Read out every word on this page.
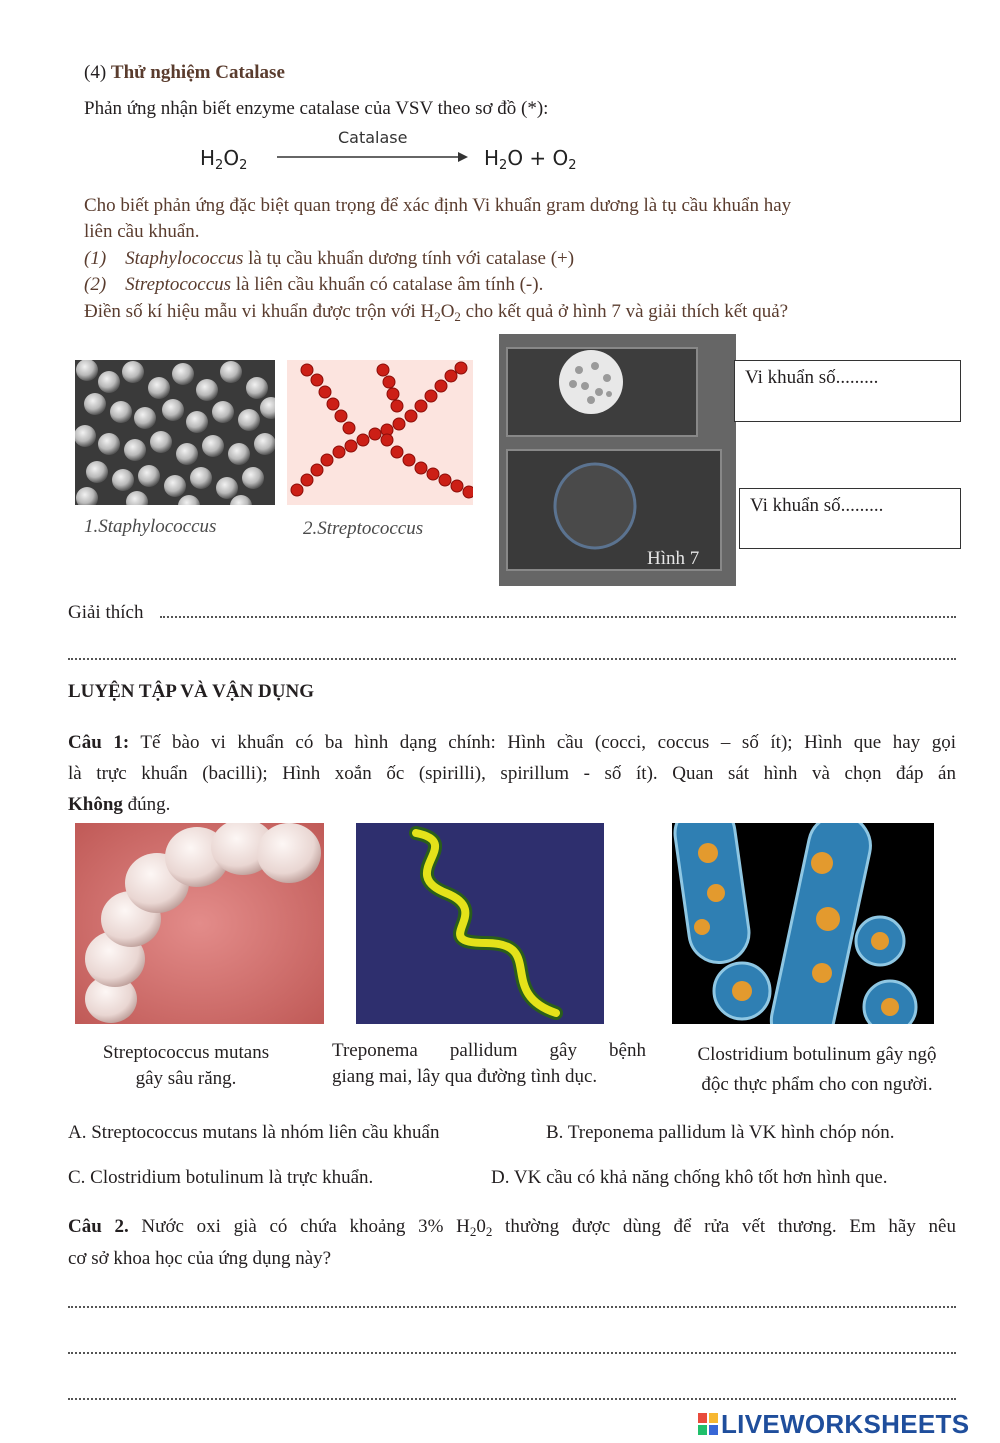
(4) Thử nghiệm Catalase
Phản ứng nhận biết enzyme catalase của VSV theo sơ đồ (*):
$H_2O_2$
Catalase
$H_2O + O_2$
Cho biết phản ứng đặc biệt quan trọng để xác định Vi khuẩn gram dương là tụ cầu khuẩn hay
liên cầu khuẩn.
(1) Staphylococcus là tụ cầu khuẩn dương tính với catalase (+)
(2) Streptococcus là liên cầu khuẩn có catalase âm tính (-).
Điền số kí hiệu mẫu vi khuẩn được trộn với $H_2O_2$ cho kết quả ở hình 7 và giải thích kết quả?
1.Staphylococcus	2.Streptococcus
Hình 7
Vi khuẩn số.........
Vi khuẩn số.........
Giải thích
LUYỆN TẬP VÀ VẬN DỤNG
Câu 1: Tế bào vi khuẩn có ba hình dạng chính: Hình cầu (cocci, coccus – số ít); Hình que hay gọi
là trực khuẩn (bacilli); Hình xoắn ốc (spirilli), spirillum - số ít). Quan sát hình và chọn đáp án
Không đúng.
Streptococcus mutans
gây sâu răng.
Treponema pallidum gây bệnh
giang mai, lây qua đường tình dục.
Clostridium botulinum gây ngộ
độc thực phẩm cho con người.
A. Streptococcus mutans là nhóm liên cầu khuẩn	B. Treponema pallidum là VK hình chóp nón.
C. Clostridium botulinum là trực khuẩn.	D. VK cầu có khả năng chống khô tốt hơn hình que.
Câu 2. Nước oxi già có chứa khoảng 3% $H_20_2$ thường được dùng để rửa vết thương. Em hãy nêu
cơ sở khoa học của ứng dụng này?
LIVEWORKSHEETS
